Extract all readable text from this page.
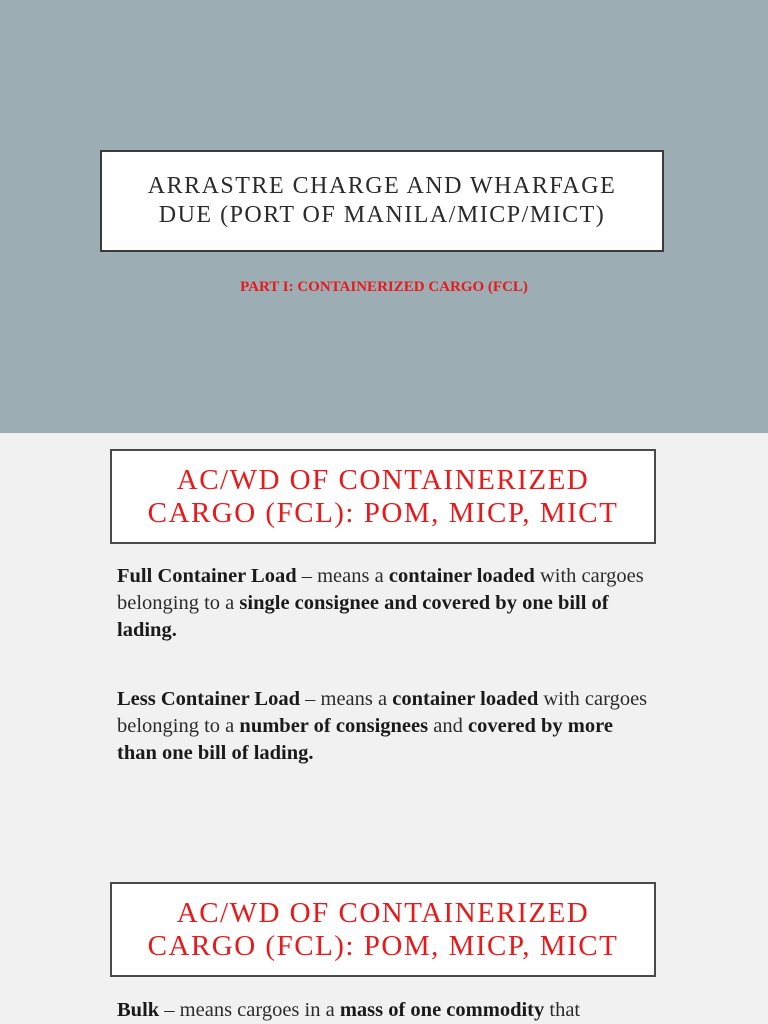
ARRASTRE CHARGE AND WHARFAGE
DUE (PORT OF MANILA/MICP/MICT)

PART I: CONTAINERIZED CARGO (FCL)

AC/WD OF CONTAINERIZED
CARGO (FCL): POM, MICP, MICT

Full Container Load – means a container loaded with cargoes belonging to a single consignee and covered by one bill of lading.

Less Container Load – means a container loaded with cargoes belonging to a number of consignees and covered by more than one bill of lading.

AC/WD OF CONTAINERIZED
CARGO (FCL): POM, MICP, MICT

Bulk – means cargoes in a mass of one commodity that
